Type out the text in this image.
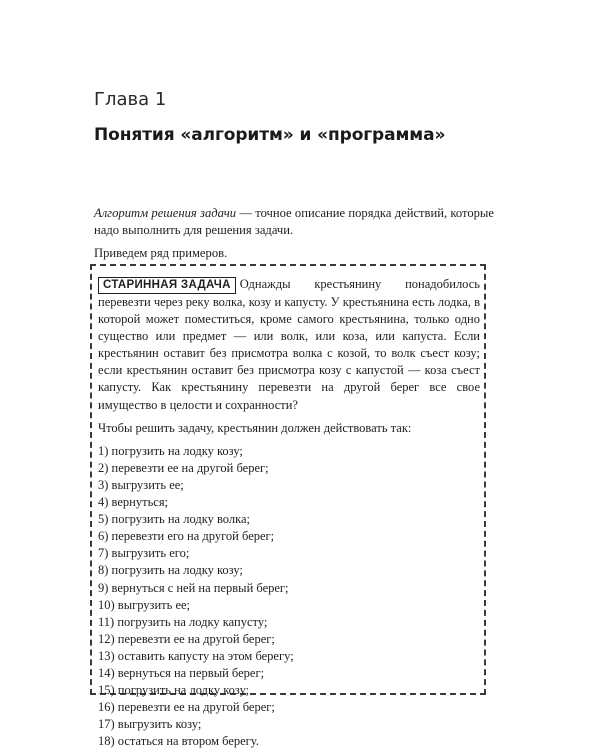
Глава 1
Понятия «алгоритм» и «программа»

Алгоритм решения задачи — точное описание порядка действий, которые надо выполнить для решения задачи.

Приведем ряд примеров.

СТАРИННАЯ ЗАДАЧА Однажды крестьянину понадобилось перевезти через реку волка, козу и капусту. У крестьянина есть лодка, в которой может поместиться, кроме самого крестьянина, только одно существо или предмет — или волк, или коза, или капуста. Если крестьянин оставит без присмотра волка с козой, то волк съест козу; если крестьянин оставит без присмотра козу с капустой — коза съест капусту. Как крестьянину перевезти на другой берег все свое имущество в целости и сохранности?

Чтобы решить задачу, крестьянин должен действовать так:

1) погрузить на лодку козу;
2) перевезти ее на другой берег;
3) выгрузить ее;
4) вернуться;
5) погрузить на лодку волка;
6) перевезти его на другой берег;
7) выгрузить его;
8) погрузить на лодку козу;
9) вернуться с ней на первый берег;
10) выгрузить ее;
11) погрузить на лодку капусту;
12) перевезти ее на другой берег;
13) оставить капусту на этом берегу;
14) вернуться на первый берег;
15) погрузить на лодку козу;
16) перевезти ее на другой берег;
17) выгрузить козу;
18) остаться на втором берегу.
